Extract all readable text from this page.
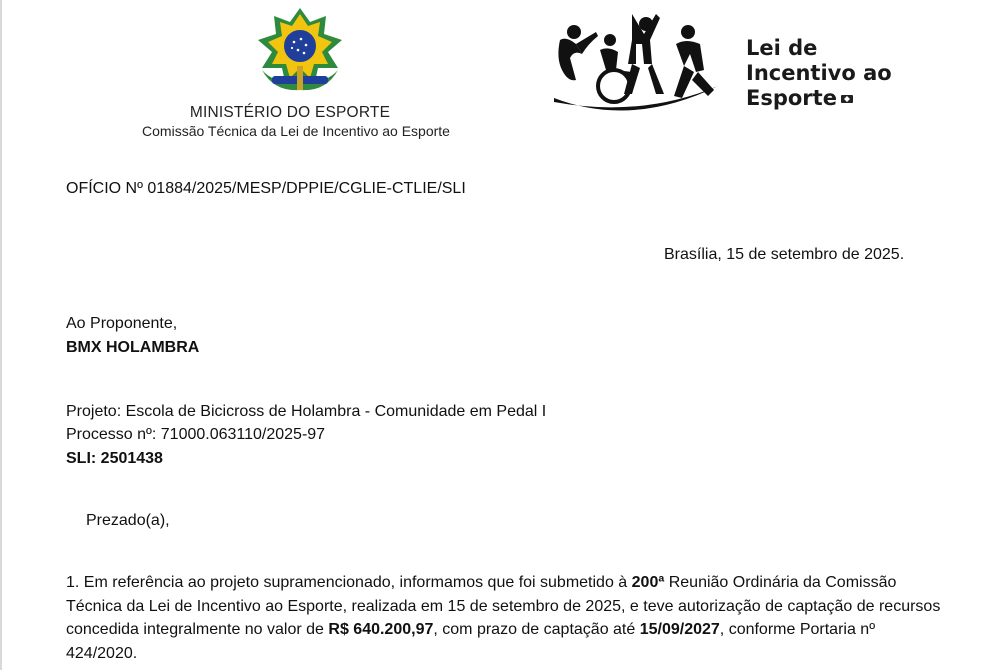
MINISTÉRIO DO ESPORTE
Comissão Técnica da Lei de Incentivo ao Esporte
Lei de
Incentivo ao
Esporte
OFÍCIO Nº 01884/2025/MESP/DPPIE/CGLIE-CTLIE/SLI
Brasília, 15 de setembro de 2025.
Ao Proponente,
BMX HOLAMBRA
Projeto: Escola de Bicicross de Holambra - Comunidade em Pedal I
Processo nº: 71000.063110/2025-97
SLI: 2501438
Prezado(a),
1. Em referência ao projeto supramencionado, informamos que foi submetido à 200ª Reunião Ordinária da Comissão Técnica da Lei de Incentivo ao Esporte, realizada em 15 de setembro de 2025, e teve autorização de captação de recursos concedida integralmente no valor de R$ 640.200,97, com prazo de captação até 15/09/2027, conforme Portaria nº 424/2020.
